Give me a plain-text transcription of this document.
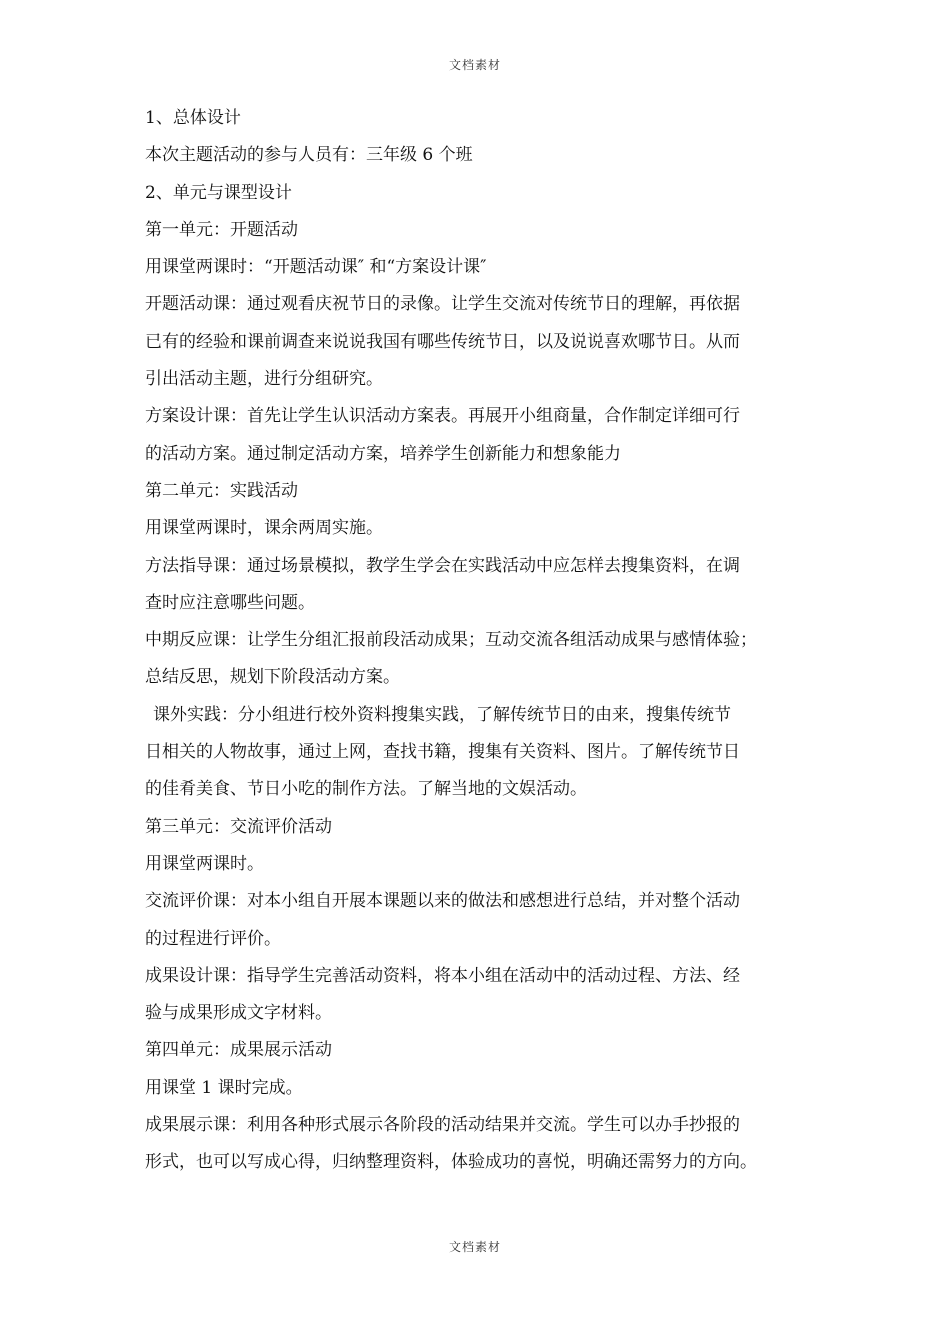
文档素材
1、总体设计
本次主题活动的参与人员有：三年级 6 个班
2、单元与课型设计
第一单元：开题活动
用课堂两课时：“开题活动课″ 和“方案设计课″
开题活动课：通过观看庆祝节日的录像。让学生交流对传统节日的理解，再依据
已有的经验和课前调查来说说我国有哪些传统节日，以及说说喜欢哪节日。从而
引出活动主题，进行分组研究。
方案设计课：首先让学生认识活动方案表。再展开小组商量，合作制定详细可行
的活动方案。通过制定活动方案，培养学生创新能力和想象能力
第二单元：实践活动
用课堂两课时，课余两周实施。
方法指导课：通过场景模拟，教学生学会在实践活动中应怎样去搜集资料，在调
查时应注意哪些问题。
中期反应课：让学生分组汇报前段活动成果；互动交流各组活动成果与感情体验；
总结反思，规划下阶段活动方案。
课外实践：分小组进行校外资料搜集实践，了解传统节日的由来，搜集传统节
日相关的人物故事，通过上网，查找书籍，搜集有关资料、图片。了解传统节日
的佳肴美食、节日小吃的制作方法。了解当地的文娱活动。
第三单元：交流评价活动
用课堂两课时。
交流评价课：对本小组自开展本课题以来的做法和感想进行总结，并对整个活动
的过程进行评价。
成果设计课：指导学生完善活动资料，将本小组在活动中的活动过程、方法、经
验与成果形成文字材料。
第四单元：成果展示活动
用课堂 1 课时完成。
成果展示课：利用各种形式展示各阶段的活动结果并交流。学生可以办手抄报的
形式，也可以写成心得，归纳整理资料，体验成功的喜悦，明确还需努力的方向。
文档素材
